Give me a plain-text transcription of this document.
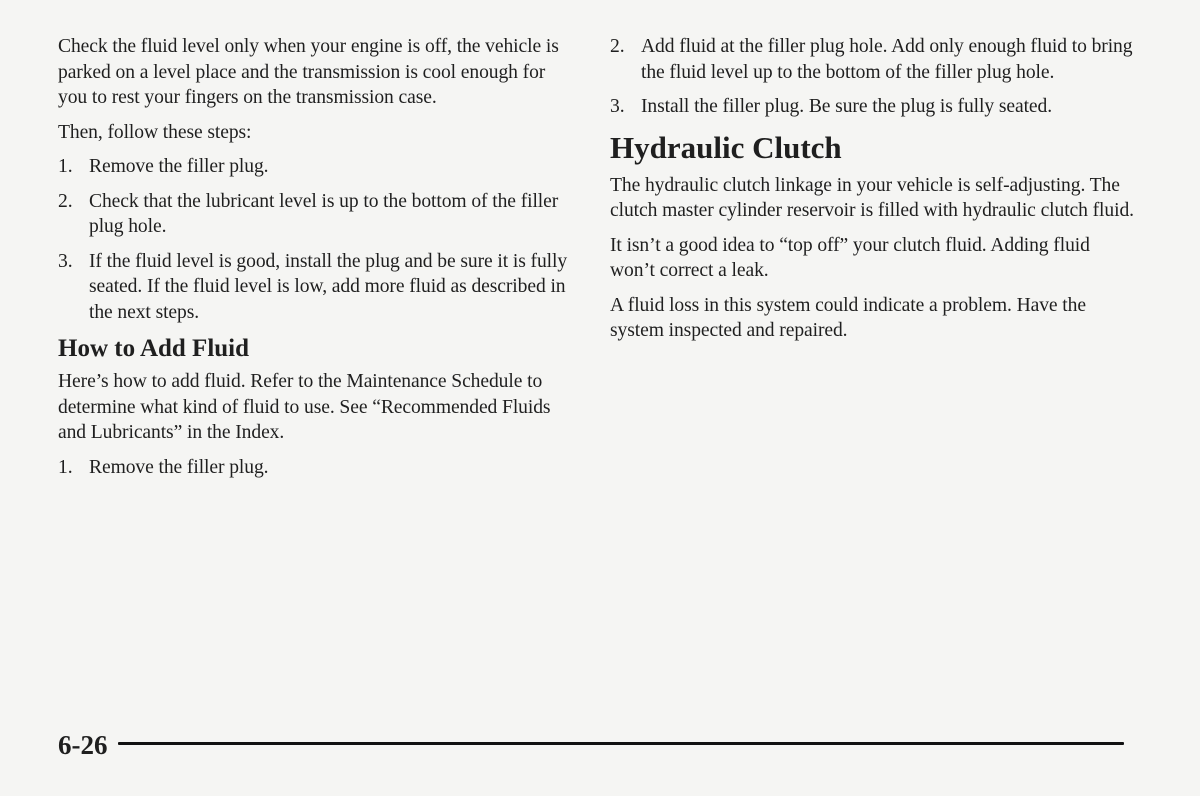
Check the fluid level only when your engine is off, the vehicle is parked on a level place and the transmission is cool enough for you to rest your fingers on the transmission case.

Then, follow these steps:

1. Remove the filler plug.
2. Check that the lubricant level is up to the bottom of the filler plug hole.
3. If the fluid level is good, install the plug and be sure it is fully seated. If the fluid level is low, add more fluid as described in the next steps.
How to Add Fluid

Here’s how to add fluid. Refer to the Maintenance Schedule to determine what kind of fluid to use. See “Recommended Fluids and Lubricants” in the Index.

1. Remove the filler plug.
2. Add fluid at the filler plug hole. Add only enough fluid to bring the fluid level up to the bottom of the filler plug hole.
3. Install the filler plug. Be sure the plug is fully seated.
Hydraulic Clutch

The hydraulic clutch linkage in your vehicle is self-adjusting. The clutch master cylinder reservoir is filled with hydraulic clutch fluid.

It isn’t a good idea to “top off” your clutch fluid. Adding fluid won’t correct a leak.

A fluid loss in this system could indicate a problem. Have the system inspected and repaired.

6-26
